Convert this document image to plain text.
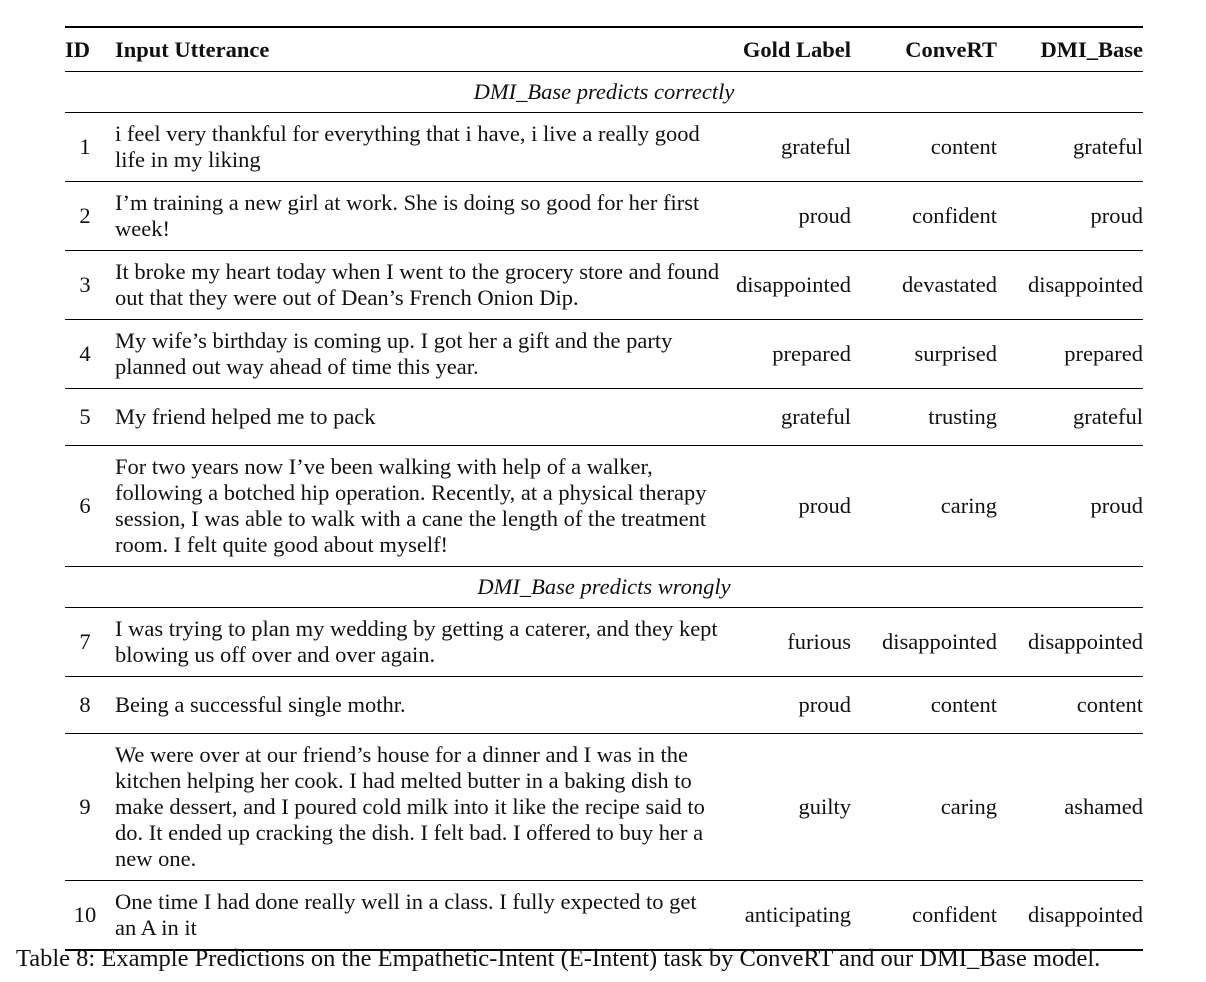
ID	Input Utterance	Gold Label	ConveRT	DMI_Base
DMI_Base predicts correctly				
1	i feel very thankful for everything that i have, i live a really good life in my liking	grateful	content	grateful
2	I’m training a new girl at work. She is doing so good for her first week!	proud	confident	proud
3	It broke my heart today when I went to the grocery store and found out that they were out of Dean’s French Onion Dip.	disappointed	devastated	disappointed
4	My wife’s birthday is coming up. I got her a gift and the party planned out way ahead of time this year.	prepared	surprised	prepared
5	My friend helped me to pack	grateful	trusting	grateful
6	For two years now I’ve been walking with help of a walker, following a botched hip operation. Recently, at a physical therapy session, I was able to walk with a cane the length of the treatment room. I felt quite good about myself!	proud	caring	proud
DMI_Base predicts wrongly				
7	I was trying to plan my wedding by getting a caterer, and they kept blowing us off over and over again.	furious	disappointed	disappointed
8	Being a successful single mothr.	proud	content	content
9	We were over at our friend’s house for a dinner and I was in the kitchen helping her cook. I had melted butter in a baking dish to make dessert, and I poured cold milk into it like the recipe said to do. It ended up cracking the dish. I felt bad. I offered to buy her a new one.	guilty	caring	ashamed
10	One time I had done really well in a class. I fully expected to get an A in it	anticipating	confident	disappointed
Table 8: Example Predictions on the Empathetic-Intent (E-Intent) task by ConveRT and our DMI_Base model.
